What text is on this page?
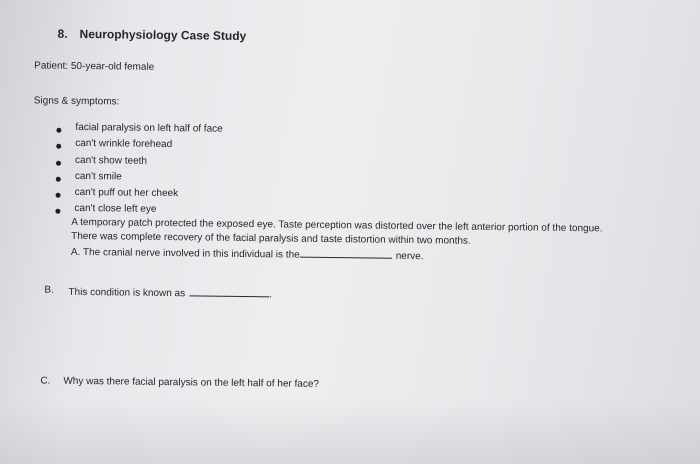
8. Neurophysiology Case Study
Patient: 50-year-old female
Signs & symptoms:
facial paralysis on left half of face
can't wrinkle forehead
can't show teeth
can't smile
can't puff out her cheek
can't close left eye
A temporary patch protected the exposed eye. Taste perception was distorted over the left anterior portion of the tongue.
There was complete recovery of the facial paralysis and taste distortion within two months.
A. The cranial nerve involved in this individual is the	nerve.
B. This condition is known as	.
C. Why was there facial paralysis on the left half of her face?
